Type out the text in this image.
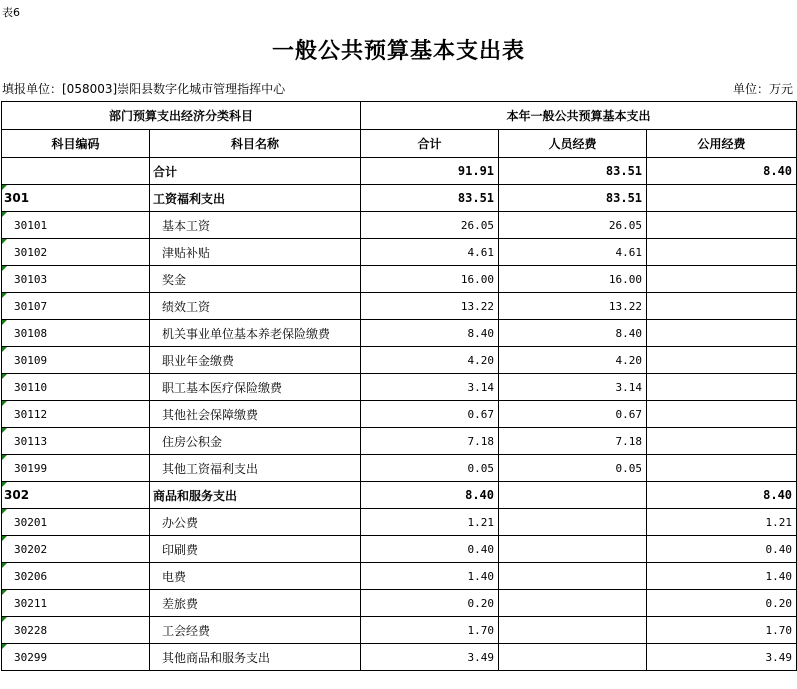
表6
一般公共预算基本支出表
填报单位：[058003]崇阳县数字化城市管理指挥中心	单位：万元
部门预算支出经济分类科目		本年一般公共预算基本支出		
科目编码	科目名称	合计	人员经费	公用经费
	合计	91.91	83.51	8.40
301	工资福利支出	83.51	83.51	
30101	基本工资	26.05	26.05	
30102	津贴补贴	4.61	4.61	
30103	奖金	16.00	16.00	
30107	绩效工资	13.22	13.22	
30108	机关事业单位基本养老保险缴费	8.40	8.40	
30109	职业年金缴费	4.20	4.20	
30110	职工基本医疗保险缴费	3.14	3.14	
30112	其他社会保障缴费	0.67	0.67	
30113	住房公积金	7.18	7.18	
30199	其他工资福利支出	0.05	0.05	
302	商品和服务支出	8.40		8.40
30201	办公费	1.21		1.21
30202	印刷费	0.40		0.40
30206	电费	1.40		1.40
30211	差旅费	0.20		0.20
30228	工会经费	1.70		1.70
30299	其他商品和服务支出	3.49		3.49
